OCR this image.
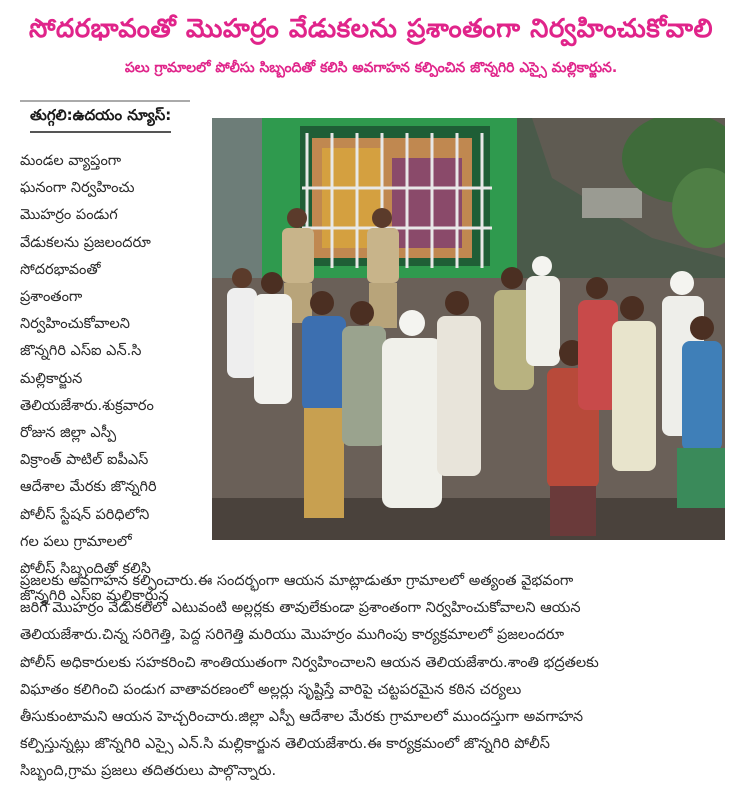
సోదరభావంతో మొహర్రం వేడుకలను ప్రశాంతంగా నిర్వహించుకోవాలి
పలు గ్రామాలలో పోలీసు సిబ్బందితో కలిసి అవగాహన కల్పించిన జొన్నగిరి ఎస్సై మల్లికార్జున.
తుగ్గలి:ఉదయం న్యూస్:
మండల వ్యాప్తంగా
ఘనంగా నిర్వహించు
మొహర్రం పండుగ
వేడుకలను ప్రజలందరూ
సోదరభావంతో
ప్రశాంతంగా
నిర్వహించుకోవాలని
జొన్నగిరి ఎస్ఐ ఎన్.సి
మల్లికార్జున
తెలియజేశారు.శుక్రవారం
రోజున జిల్లా ఎస్పీ
విక్రాంత్ పాటిల్ ఐపీఎస్
ఆదేశాల మేరకు జొన్నగిరి
పోలీస్ స్టేషన్ పరిధిలోని
గల పలు గ్రామాలలో
పోలీస్ సిబ్బందితో కలిసి
జొన్నగిరి ఎస్ఐ మల్లికార్జున
ప్రజలకు అవగాహన కల్పించారు.ఈ సందర్భంగా ఆయన మాట్లాడుతూ గ్రామాలలో అత్యంత వైభవంగా
జరిగే మొహర్రం వేడుకలలో ఎటువంటి అల్లర్లకు తావులేకుండా ప్రశాంతంగా నిర్వహించుకోవాలని ఆయన
తెలియజేశారు.చిన్న సరిగెత్తి, పెద్ద సరిగెత్తి మరియు మొహర్రం ముగింపు కార్యక్రమాలలో ప్రజలందరూ
పోలీస్ అధికారులకు సహకరించి శాంతియుతంగా నిర్వహించాలని ఆయన తెలియజేశారు.శాంతి భద్రతలకు
విఘాతం కలిగించి పండుగ వాతావరణంలో అల్లర్లు సృష్టిస్తే వారిపై చట్టపరమైన కఠిన చర్యలు
తీసుకుంటామని ఆయన హెచ్చరించారు.జిల్లా ఎస్పీ ఆదేశాల మేరకు గ్రామాలలో ముందస్తుగా అవగాహన
కల్పిస్తున్నట్లు జొన్నగిరి ఎస్సై ఎన్.సి మల్లికార్జున తెలియజేశారు.ఈ కార్యక్రమంలో జొన్నగిరి పోలీస్
సిబ్బంది,గ్రామ ప్రజలు తదితరులు పాల్గొన్నారు.
